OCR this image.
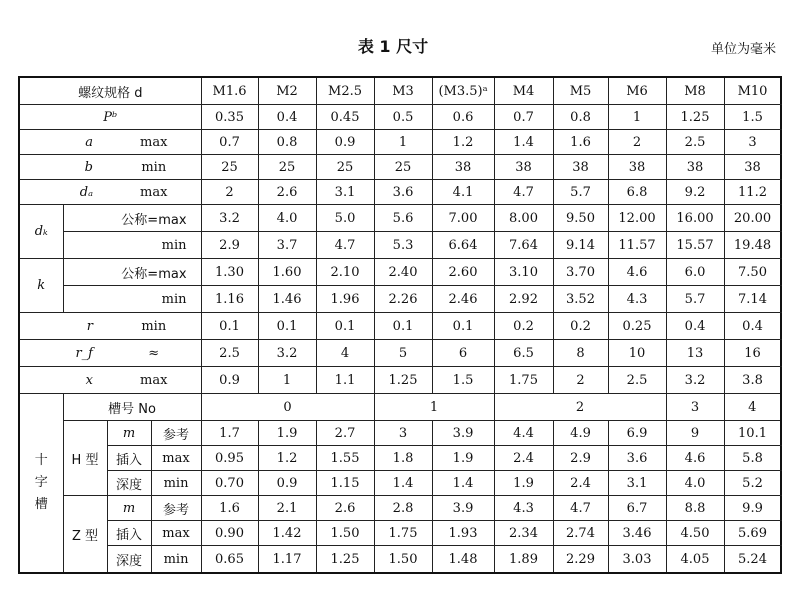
表 1 尺寸	单位为毫米
螺纹规格 d				M1.6	M2	M2.5	M3	(M3.5)ᵃ	M4	M5	M6	M8	M10
Pᵇ				0.35	0.4	0.45	0.5	0.6	0.7	0.8	1	1.25	1.5
a		max		0.7	0.8	0.9	1	1.2	1.4	1.6	2	2.5	3
b		min		25	25	25	25	38	38	38	38	38	38
dₐ		max		2	2.6	3.1	3.6	4.1	4.7	5.7	6.8	9.2	11.2
dₖ	公称=max			3.2	4.0	5.0	5.6	7.00	8.00	9.50	12.00	16.00	20.00
	min			2.9	3.7	4.7	5.3	6.64	7.64	9.14	11.57	15.57	19.48
k	公称=max			1.30	1.60	2.10	2.40	2.60	3.10	3.70	4.6	6.0	7.50
	min			1.16	1.46	1.96	2.26	2.46	2.92	3.52	4.3	5.7	7.14
r		min		0.1	0.1	0.1	0.1	0.1	0.2	0.2	0.25	0.4	0.4
r_f		≈		2.5	3.2	4	5	6	6.5	8	10	13	16
x		max		0.9	1	1.1	1.25	1.5	1.75	2	2.5	3.2	3.8

十字槽	槽号 No			0			1		2			3	4
	H 型	m	参考	1.7	1.9	2.7	3	3.9	4.4	4.9	6.9	9	10.1
		插入	max	0.95	1.2	1.55	1.8	1.9	2.4	2.9	3.6	4.6	5.8
		深度	min	0.70	0.9	1.15	1.4	1.4	1.9	2.4	3.1	4.0	5.2
	Z 型	m	参考	1.6	2.1	2.6	2.8	3.9	4.3	4.7	6.7	8.8	9.9
		插入	max	0.90	1.42	1.50	1.75	1.93	2.34	2.74	3.46	4.50	5.69
		深度	min	0.65	1.17	1.25	1.50	1.48	1.89	2.29	3.03	4.05	5.24
